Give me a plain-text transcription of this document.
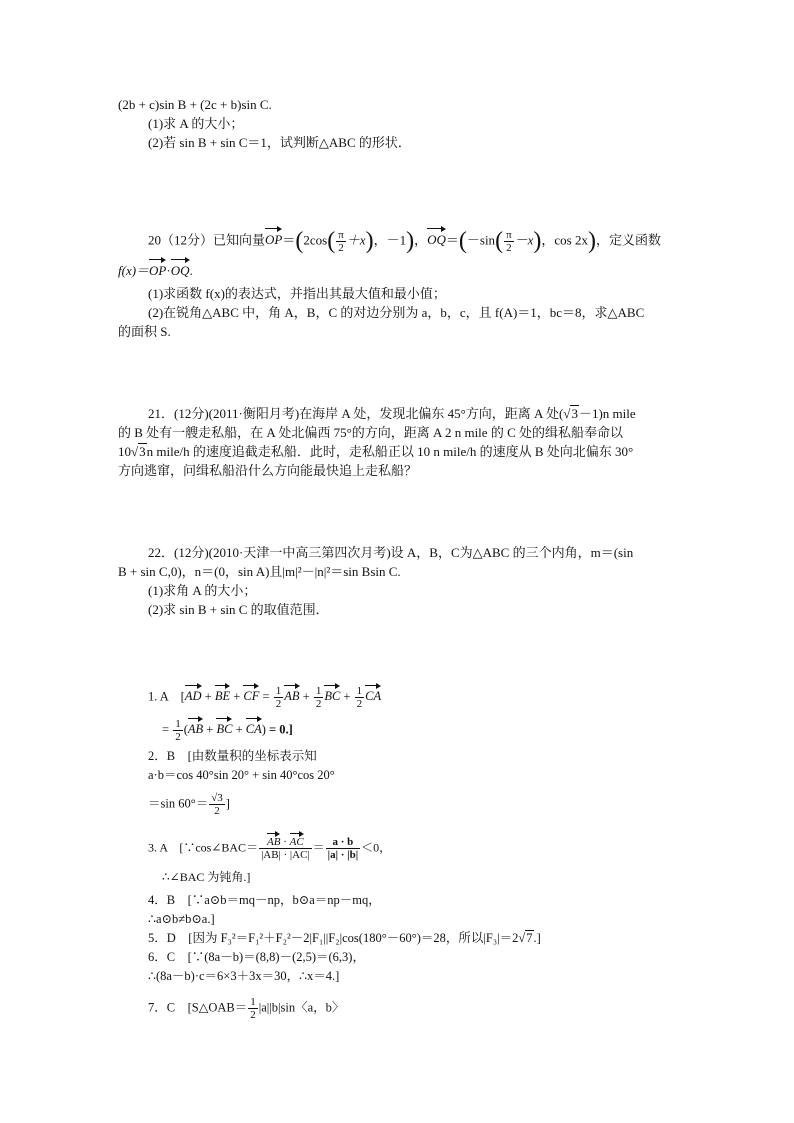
(2b + c)sin B + (2c + b)sin C.
(1)求 A 的大小；
(2)若 sin B + sin C＝1，试判断△ABC 的形状．
20（12分）已知向量$OP=(2\cos( \frac{\pi}{2} +x)$，－1)，$OQ=(-\sin( \frac{\pi}{2} -x)$，cos 2x)，定义函数
f(x)＝OP·OQ.
(1)求函数 f(x)的表达式，并指出其最大值和最小值；
(2)在锐角△ABC 中，角 A，B，C 的对边分别为 a，b，c，且 f(A)＝1，bc＝8，求△ABC
的面积 S.
21．(12分)(2011·衡阳月考)在海岸 A 处，发现北偏东 45°方向，距离 A 处(√3－1)n mile
的 B 处有一艘走私船，在 A 处北偏西 75°的方向，距离 A 2 n mile 的 C 处的缉私船奉命以
10√3n mile/h 的速度追截走私船．此时，走私船正以 10 n mile/h 的速度从 B 处向北偏东 30°
方向逃窜，问缉私船沿什么方向能最快追上走私船？
22．(12分)(2010·天津一中高三第四次月考)设 A，B，C为△ABC 的三个内角，m＝(sin
B + sin C,0)，n＝(0，sin A)且|m|²－|n|²＝sin Bsin C.
(1)求角 A 的大小；
(2)求 sin B + sin C 的取值范围．
1. A　 [AD + BE + CF = $\frac{1}{2}$ AB + $\frac{1}{2}$ BC + $\frac{1}{2}$ CA
= $\frac{1}{2} (AB$ + BC + CA) = 0.]
2．B　[由数量积的坐标表示知
a·b＝cos 40°sin 20° + sin 40°cos 20°
＝sin $60^\circ= \frac{√3}{2}$ ]
3. A　[∵cos∠BAC＝ $\frac{AB \cdot AC}{|AB| \cdot |AC|} = \frac{a \cdot b}{|a| \cdot |b|} <0$，
∴∠BAC 为钝角.]
4．B　[∵a⊙b＝mq－np，b⊙a＝np－mq，
∴a⊙b≠b⊙a.]
5．D　[因为 F₃²＝F₁²＋F₂²－2|F₁||F₂|cos(180°－60°)＝28，所以|F₃|＝2√7.]
6．C　[∵(8a－b)＝(8,8)－(2,5)＝(6,3)，
∴(8a－b)·c＝6×3＋3x＝30，∴x＝4.]
7．C　[S△OAB＝ $\frac{1}{2} |a||b|\sin$〈a，b〉
